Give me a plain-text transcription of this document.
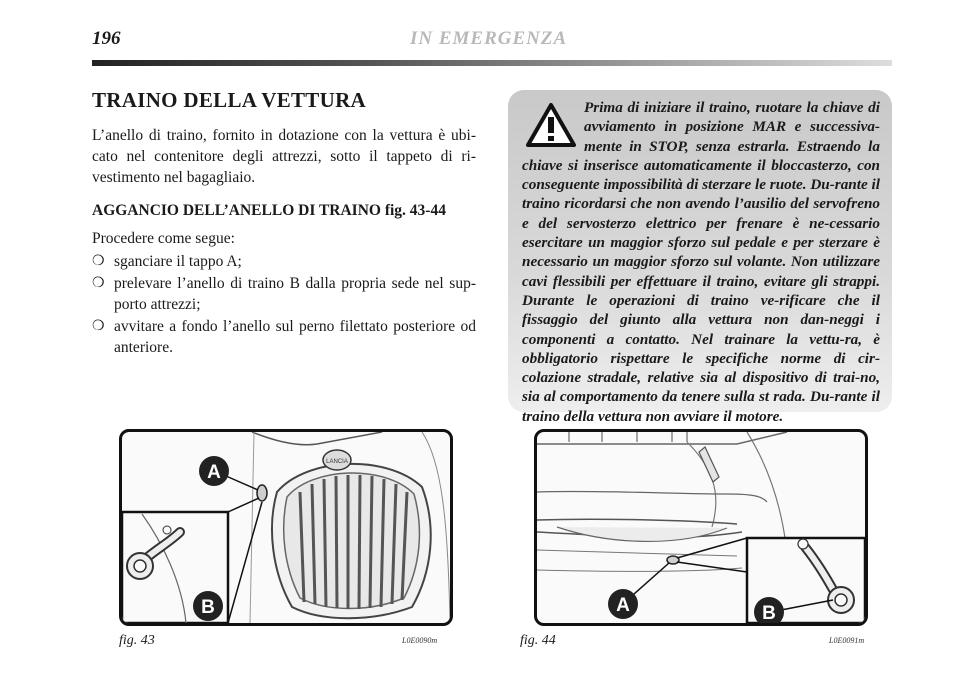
196	IN EMERGENZA
TRAINO DELLA VETTURA

L’anello di traino, fornito in dotazione con la vettura è ubi-cato nel contenitore degli attrezzi, sotto il tappeto di ri-vestimento nel bagagliaio.

AGGANCIO DELL’ANELLO DI TRAINO fig. 43-44

Procedere come segue:

❍ sganciare il tappo A;
❍ prelevare l’anello di traino B dalla propria sede nel sup-porto attrezzi;
❍ avvitare a fondo l’anello sul perno filettato posteriore od anteriore.

Prima di iniziare il traino, ruotare la chiave di avviamento in posizione MAR e successiva-mente in STOP, senza estrarla. Estraendo la chiave si inserisce automaticamente il bloccasterzo, con conseguente impossibilità di sterzare le ruote. Du-rante il traino ricordarsi che non avendo l’ausilio del servofreno e del servosterzo elettrico per frenare è ne-cessario esercitare un maggior sforzo sul pedale e per sterzare è necessario un maggior sforzo sul volante. Non utilizzare cavi flessibili per effettuare il traino, evitare gli strappi. Durante le operazioni di traino ve-rificare che il fissaggio del giunto alla vettura non dan-neggi i componenti a contatto. Nel trainare la vettu-ra, è obbligatorio rispettare le specifiche norme di cir-colazione stradale, relative sia al dispositivo di trai-no, sia al comportamento da tenere sulla st rada. Du-rante il traino della vettura non avviare il motore.

LANCIA
A
B
fig. 43	L0E0090m
A	B
fig. 44	L0E0091m
